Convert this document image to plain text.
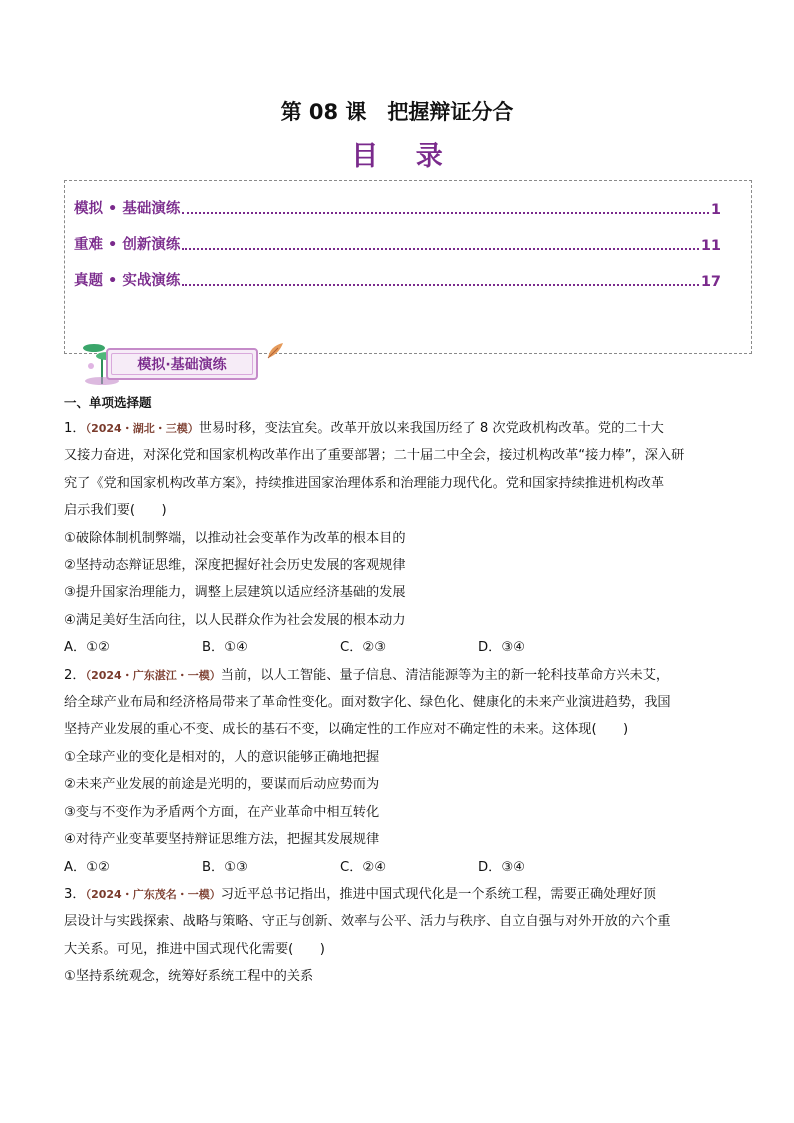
第 08 课　把握辩证分合
目 录
模拟 • 基础演练	1
重难 • 创新演练	11
真题 • 实战演练	17
模拟·基础演练
一、单项选择题

1．（2024・湖北・三模）世易时移，变法宜矣。改革开放以来我国历经了 8 次党政机构改革。党的二十大

又接力奋进，对深化党和国家机构改革作出了重要部署；二十届二中全会，接过机构改革“接力棒”，深入研

究了《党和国家机构改革方案》，持续推进国家治理体系和治理能力现代化。党和国家持续推进机构改革

启示我们要(　　)

①破除体制机制弊端，以推动社会变革作为改革的根本目的

②坚持动态辩证思维，深度把握好社会历史发展的客观规律

③提升国家治理能力，调整上层建筑以适应经济基础的发展

④满足美好生活向往，以人民群众作为社会发展的根本动力

A．①②	B．①④	C．②③	D．③④

2．（2024・广东湛江・一模）当前，以人工智能、量子信息、清洁能源等为主的新一轮科技革命方兴未艾，

给全球产业布局和经济格局带来了革命性变化。面对数字化、绿色化、健康化的未来产业演进趋势，我国

坚持产业发展的重心不变、成长的基石不变，以确定性的工作应对不确定性的未来。这体现(　　)

①全球产业的变化是相对的，人的意识能够正确地把握

②未来产业发展的前途是光明的，要谋而后动应势而为

③变与不变作为矛盾两个方面，在产业革命中相互转化

④对待产业变革要坚持辩证思维方法，把握其发展规律

A．①②	B．①③	C．②④	D．③④

3．（2024・广东茂名・一模）习近平总书记指出，推进中国式现代化是一个系统工程，需要正确处理好顶

层设计与实践探索、战略与策略、守正与创新、效率与公平、活力与秩序、自立自强与对外开放的六个重

大关系。可见，推进中国式现代化需要(　　)

①坚持系统观念，统筹好系统工程中的关系
